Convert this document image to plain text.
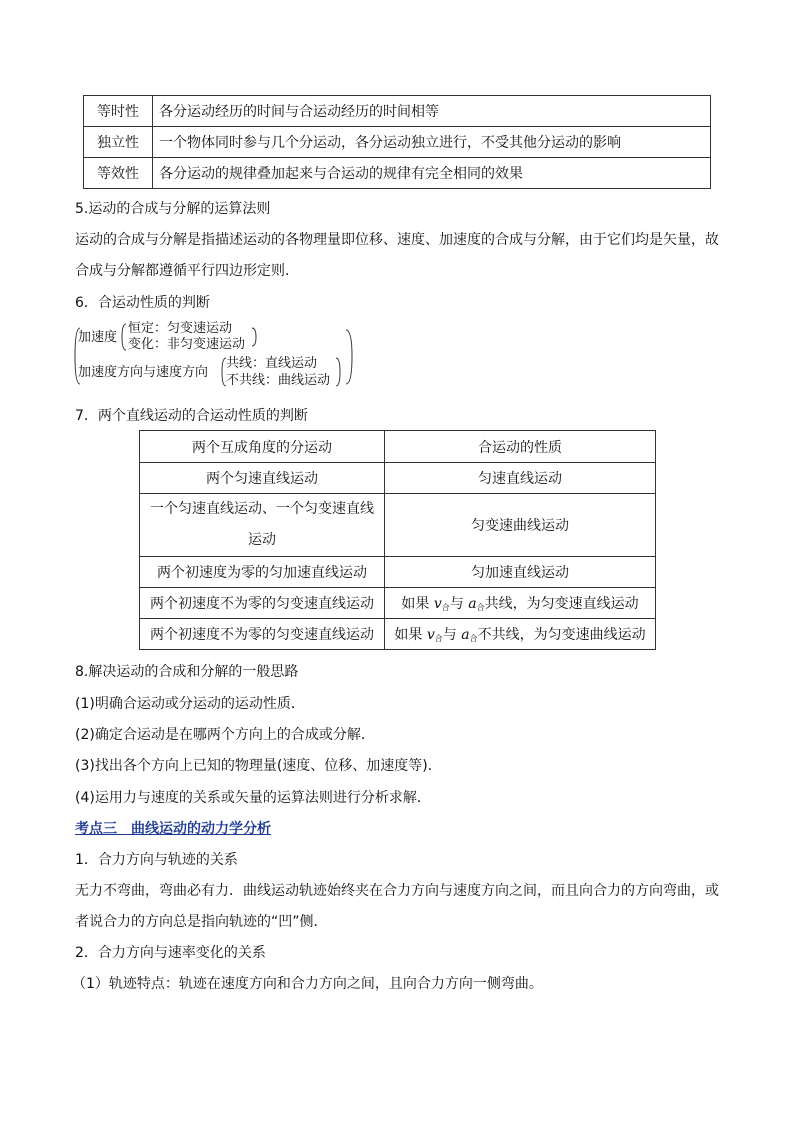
等时性	各分运动经历的时间与合运动经历的时间相等
独立性	一个物体同时参与几个分运动，各分运动独立进行，不受其他分运动的影响
等效性	各分运动的规律叠加起来与合运动的规律有完全相同的效果
5.运动的合成与分解的运算法则
运动的合成与分解是指描述运动的各物理量即位移、速度、加速度的合成与分解，由于它们均是矢量，故
合成与分解都遵循平行四边形定则.
6．合运动性质的判断
加速度
恒定：匀变速运动
变化：非匀变速运动
加速度方向与速度方向
共线：直线运动
不共线：曲线运动
7．两个直线运动的合运动性质的判断
两个互成角度的分运动	合运动的性质
两个匀速直线运动	匀速直线运动

一个匀速直线运动、一个匀变速直线
运动	匀变速曲线运动
两个初速度为零的匀加速直线运动	匀加速直线运动
两个初速度不为零的匀变速直线运动	如果 $v_合$与 $a_合$共线，为匀变速直线运动
两个初速度不为零的匀变速直线运动	如果 $v_合$与 $a_合$不共线，为匀变速曲线运动
8.解决运动的合成和分解的一般思路
(1)明确合运动或分运动的运动性质．
(2)确定合运动是在哪两个方向上的合成或分解．
(3)找出各个方向上已知的物理量(速度、位移、加速度等)．
(4)运用力与速度的关系或矢量的运算法则进行分析求解．
考点三　曲线运动的动力学分析
1．合力方向与轨迹的关系
无力不弯曲，弯曲必有力．曲线运动轨迹始终夹在合力方向与速度方向之间，而且向合力的方向弯曲，或
者说合力的方向总是指向轨迹的“凹”侧．
2．合力方向与速率变化的关系
（1）轨迹特点：轨迹在速度方向和合力方向之间，且向合力方向一侧弯曲。
